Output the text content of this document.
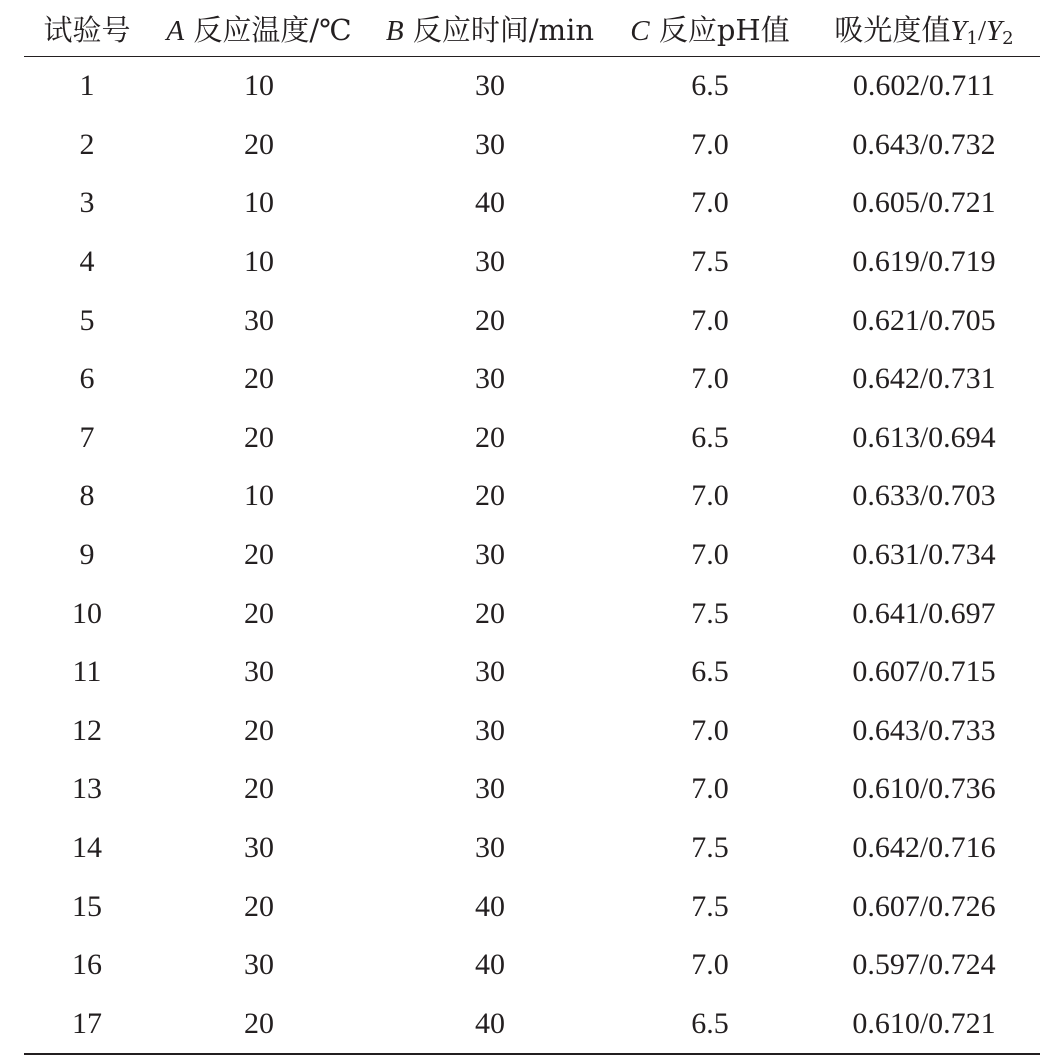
试验号	A 反应温度/℃	B 反应时间/min	C 反应pH值	吸光度值$Y_1/Y_2$
1	10	30	6.5	0.602/0.711
2	20	30	7.0	0.643/0.732
3	10	40	7.0	0.605/0.721
4	10	30	7.5	0.619/0.719
5	30	20	7.0	0.621/0.705
6	20	30	7.0	0.642/0.731
7	20	20	6.5	0.613/0.694
8	10	20	7.0	0.633/0.703
9	20	30	7.0	0.631/0.734
10	20	20	7.5	0.641/0.697
11	30	30	6.5	0.607/0.715
12	20	30	7.0	0.643/0.733
13	20	30	7.0	0.610/0.736
14	30	30	7.5	0.642/0.716
15	20	40	7.5	0.607/0.726
16	30	40	7.0	0.597/0.724
17	20	40	6.5	0.610/0.721
